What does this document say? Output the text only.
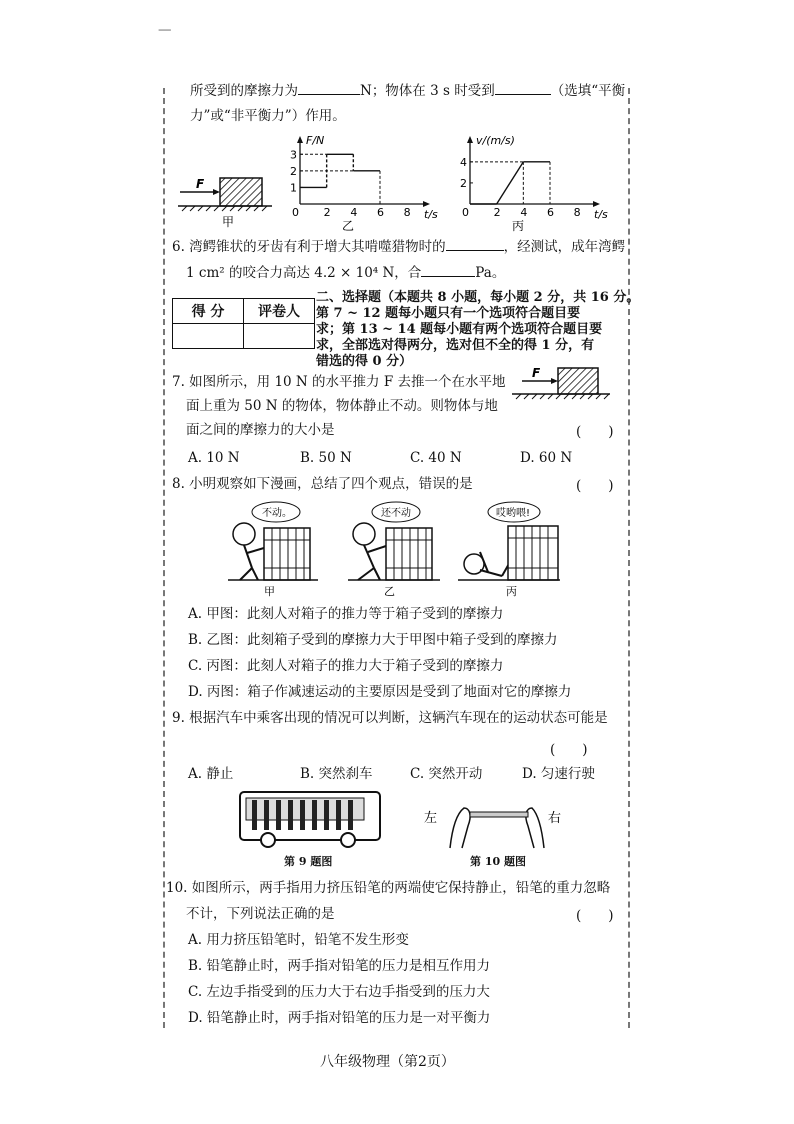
—
所受到的摩擦力为	N；物体在 3 s 时受到	（选填“平衡
力”或“非平衡力”）作用。
F
甲
F/N
t/s
0 2 4 6 8
1
2
3
乙
v/(m/s)
t/s
0 2 4 6 8
2
4
丙
6. 湾鳄锥状的牙齿有利于增大其啃噬猎物时的	，经测试，成年湾鳄
1 cm² 的咬合力高达 4.2 × 10⁴ N，合	Pa。
得 分	评卷人

二、选择题（本题共 8 小题，每小题 2 分，共 16 分。
第 7 ~ 12 题每小题只有一个选项符合题目要
求；第 13 ~ 14 题每小题有两个选项符合题目要
求，全部选对得两分，选对但不全的得 1 分，有
错选的得 0 分）
7. 如图所示，用 10 N 的水平推力 F 去推一个在水平地
面上重为 50 N 的物体，物体静止不动。则物体与地
面之间的摩擦力的大小是	(　　)
F
A. 10 N	B. 50 N	C. 40 N	D. 60 N
8. 小明观察如下漫画，总结了四个观点，错误的是	(　　)
不动。
甲
还不动
乙
哎哟喂!
丙
A. 甲图：此刻人对箱子的推力等于箱子受到的摩擦力
B. 乙图：此刻箱子受到的摩擦力大于甲图中箱子受到的摩擦力
C. 丙图：此刻人对箱子的推力大于箱子受到的摩擦力
D. 丙图：箱子作减速运动的主要原因是受到了地面对它的摩擦力
9. 根据汽车中乘客出现的情况可以判断，这辆汽车现在的运动状态可能是
(　　)
A. 静止	B. 突然刹车	C. 突然开动	D. 匀速行驶
第 9 题图
左	右
第 10 题图
10. 如图所示，两手指用力挤压铅笔的两端使它保持静止，铅笔的重力忽略
不计，下列说法正确的是	(　　)
A. 用力挤压铅笔时，铅笔不发生形变
B. 铅笔静止时，两手指对铅笔的压力是相互作用力
C. 左边手指受到的压力大于右边手指受到的压力大
D. 铅笔静止时，两手指对铅笔的压力是一对平衡力
八年级物理（第2页）
